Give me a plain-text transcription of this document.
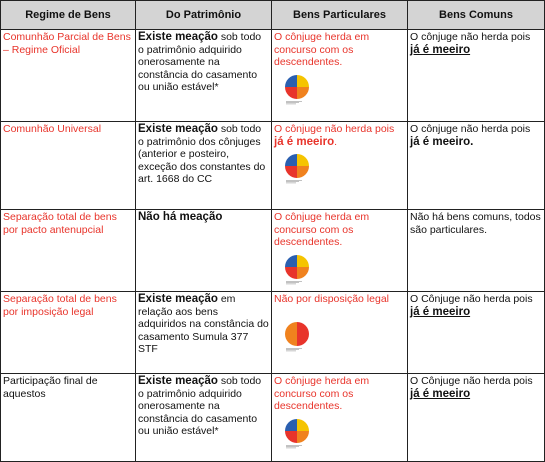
Regime de Bens	Do Patrimônio	Bens Particulares	Bens Comuns
Comunhão Parcial de Bens – Regime Oficial	Existe meação sob todo o patrimônio adquirido onerosamente na constância do casamento ou união estável*	O cônjuge herda em concurso com os descendentes.	O cônjuge não herda pois já é meeiro
Comunhão Universal	Existe meação sob todo o patrimônio dos cônjuges (anterior e posteiro, exceção dos constantes do art. 1668 do CC	O cônjuge não herda pois já é meeiro.	O cônjuge não herda pois já é meeiro.
Separação total de bens por pacto antenupcial	Não há meação	O cônjuge herda em concurso com os descendentes.	Não há bens comuns, todos são particulares.
Separação total de bens por imposição legal	Existe meação em relação aos bens adquiridos na constância do casamento Sumula 377 STF	Não por disposição legal	O Cônjuge não herda pois já é meeiro
Participação final de aquestos	Existe meação sob todo o patrimônio adquirido onerosamente na constância do casamento ou união estável*	O cônjuge herda em concurso com os descendentes.	O Cônjuge não herda pois já é meeiro
